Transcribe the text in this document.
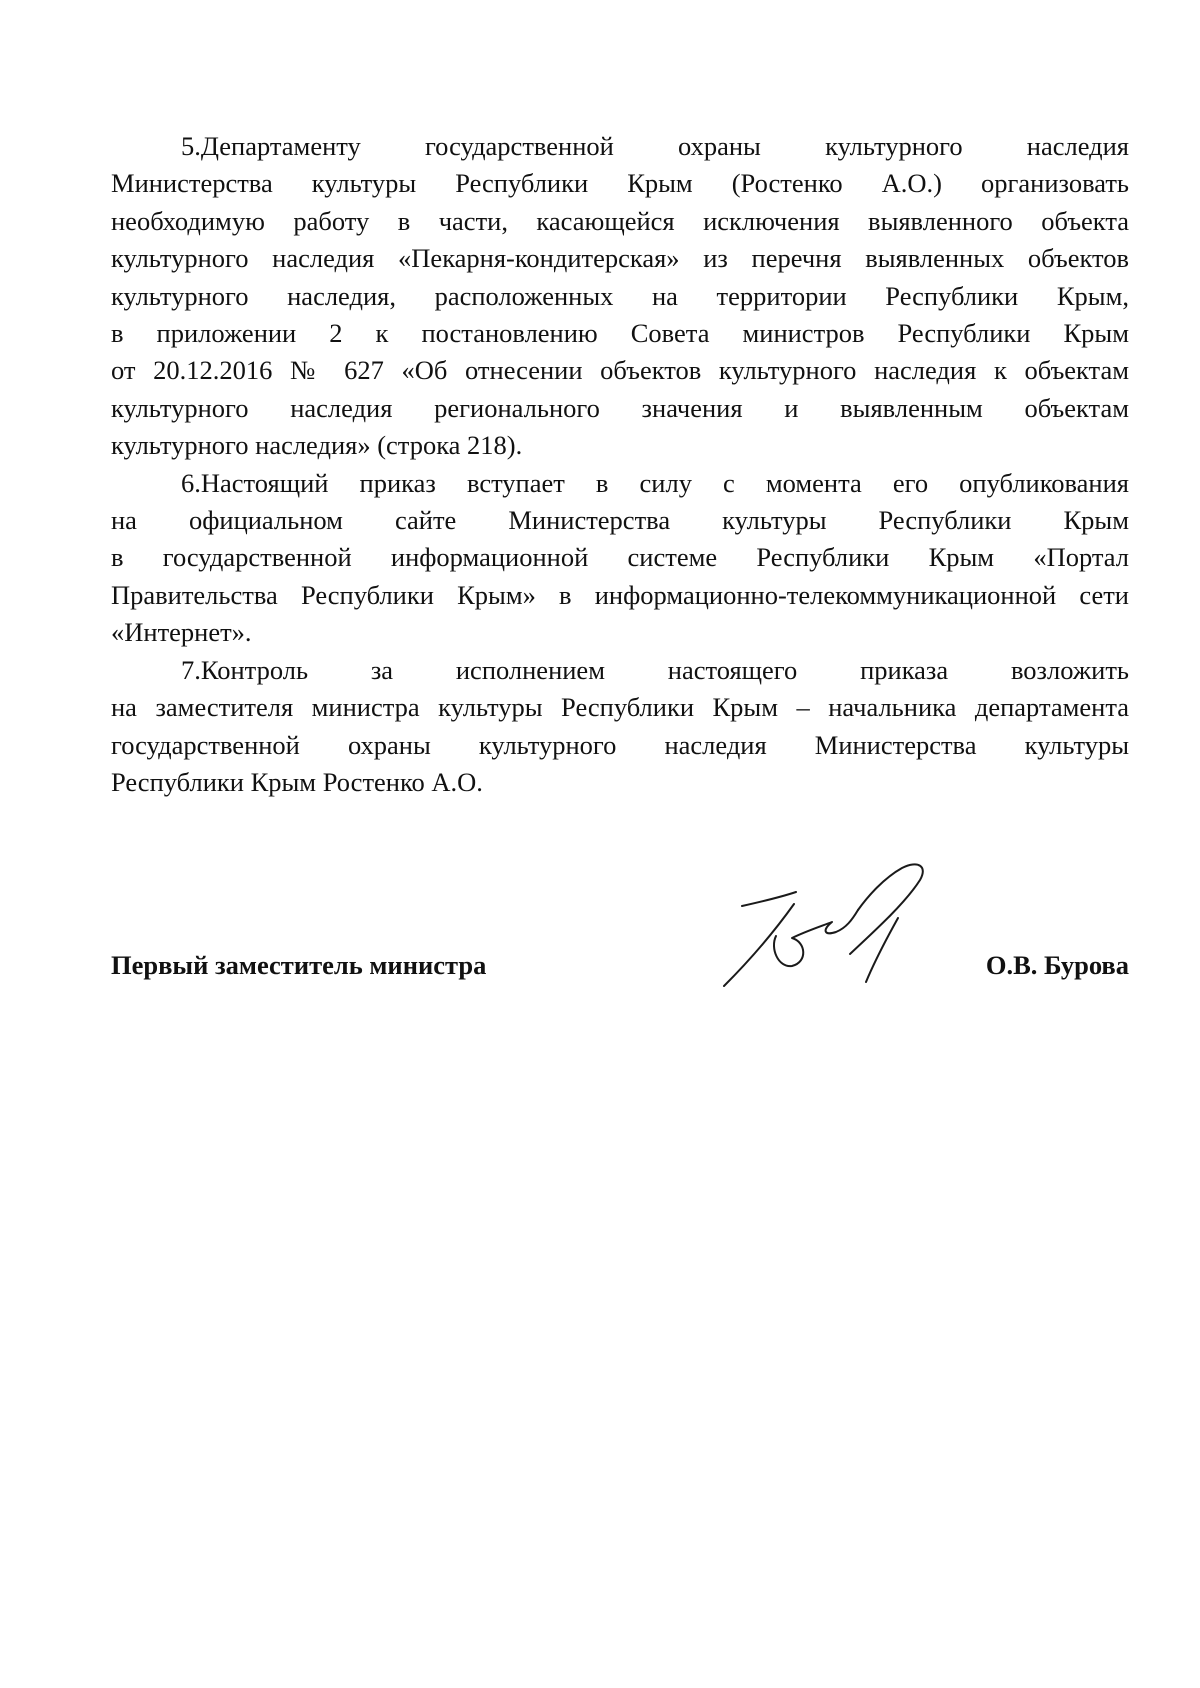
5.Департаменту государственной охраны культурного наследия
Министерства культуры Республики Крым (Ростенко А.О.) организовать
необходимую работу в части, касающейся исключения выявленного объекта
культурного наследия «Пекарня-кондитерская» из перечня выявленных объектов
культурного наследия, расположенных на территории Республики Крым,
в приложении 2 к постановлению Совета министров Республики Крым
от 20.12.2016 № 627 «Об отнесении объектов культурного наследия к объектам
культурного наследия регионального значения и выявленным объектам
культурного наследия» (строка 218).
6.Настоящий приказ вступает в силу с момента его опубликования
на официальном сайте Министерства культуры Республики Крым
в государственной информационной системе Республики Крым «Портал
Правительства Республики Крым» в информационно-телекоммуникационной сети
«Интернет».
7.Контроль за исполнением настоящего приказа возложить
на заместителя министра культуры Республики Крым – начальника департамента
государственной охраны культурного наследия Министерства культуры
Республики Крым Ростенко А.О.
Первый заместитель министра	О.В. Бурова
